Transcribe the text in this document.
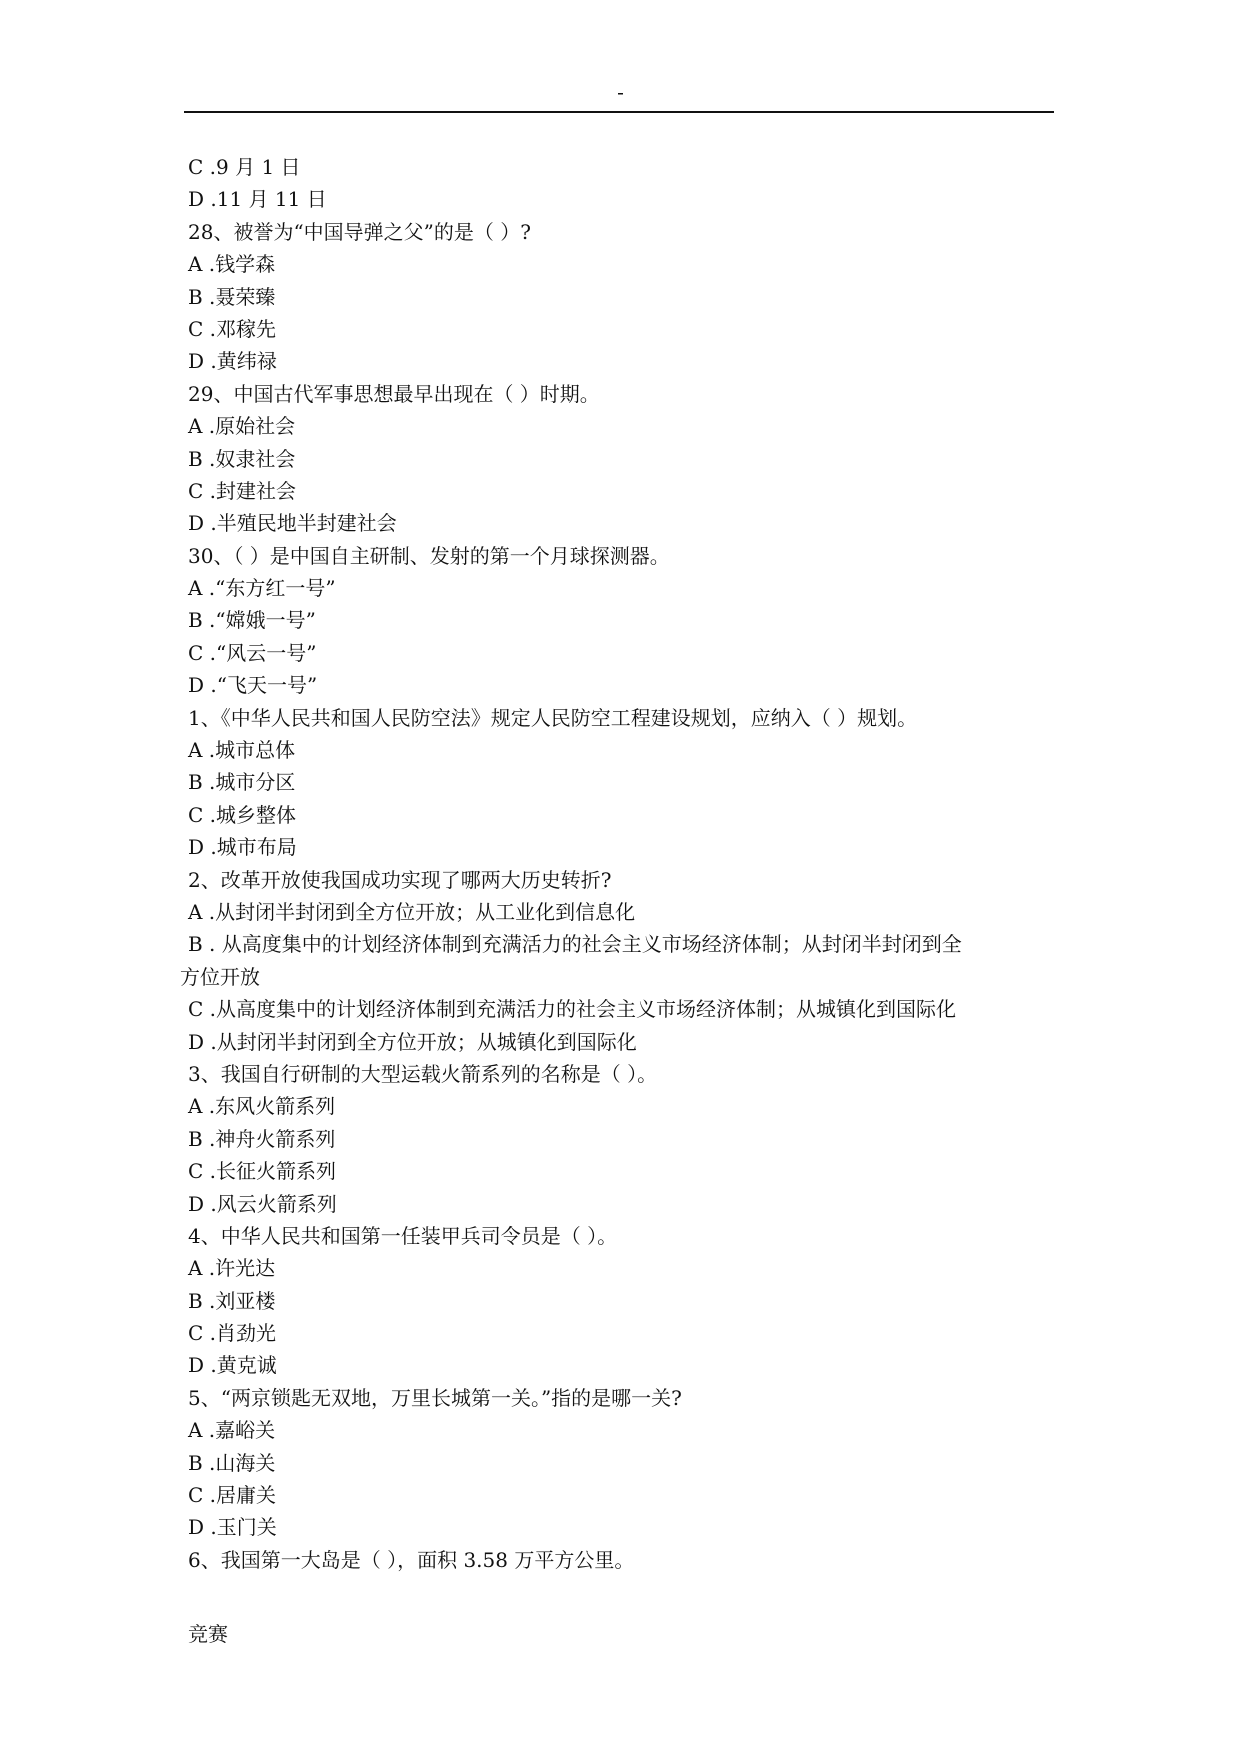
-
C .9 月 1 日
D .11 月 11 日
28、被誉为“中国导弹之父”的是（ ）?
A .钱学森
B .聂荣臻
C .邓稼先
D .黄纬禄
29、中国古代军事思想最早出现在（ ）时期。
A .原始社会
B .奴隶社会
C .封建社会
D .半殖民地半封建社会
30、（ ）是中国自主研制、发射的第一个月球探测器。
A .“东方红一号”
B .“嫦娥一号”
C .“风云一号”
D .“飞天一号”
1、《中华人民共和国人民防空法》规定人民防空工程建设规划，应纳入（ ）规划。
A .城市总体
B .城市分区
C .城乡整体
D .城市布局
2、改革开放使我国成功实现了哪两大历史转折?
A .从封闭半封闭到全方位开放；从工业化到信息化
B . 从高度集中的计划经济体制到充满活力的社会主义市场经济体制；从封闭半封闭到全
方位开放
C .从高度集中的计划经济体制到充满活力的社会主义市场经济体制；从城镇化到国际化
D .从封闭半封闭到全方位开放；从城镇化到国际化
3、我国自行研制的大型运载火箭系列的名称是（ ）。
A .东风火箭系列
B .神舟火箭系列
C .长征火箭系列
D .风云火箭系列
4、中华人民共和国第一任装甲兵司令员是（ ）。
A .许光达
B .刘亚楼
C .肖劲光
D .黄克诚
5、“两京锁匙无双地，万里长城第一关。”指的是哪一关?
A .嘉峪关
B .山海关
C .居庸关
D .玉门关
6、我国第一大岛是（ ），面积 3.58 万平方公里。
竞赛
